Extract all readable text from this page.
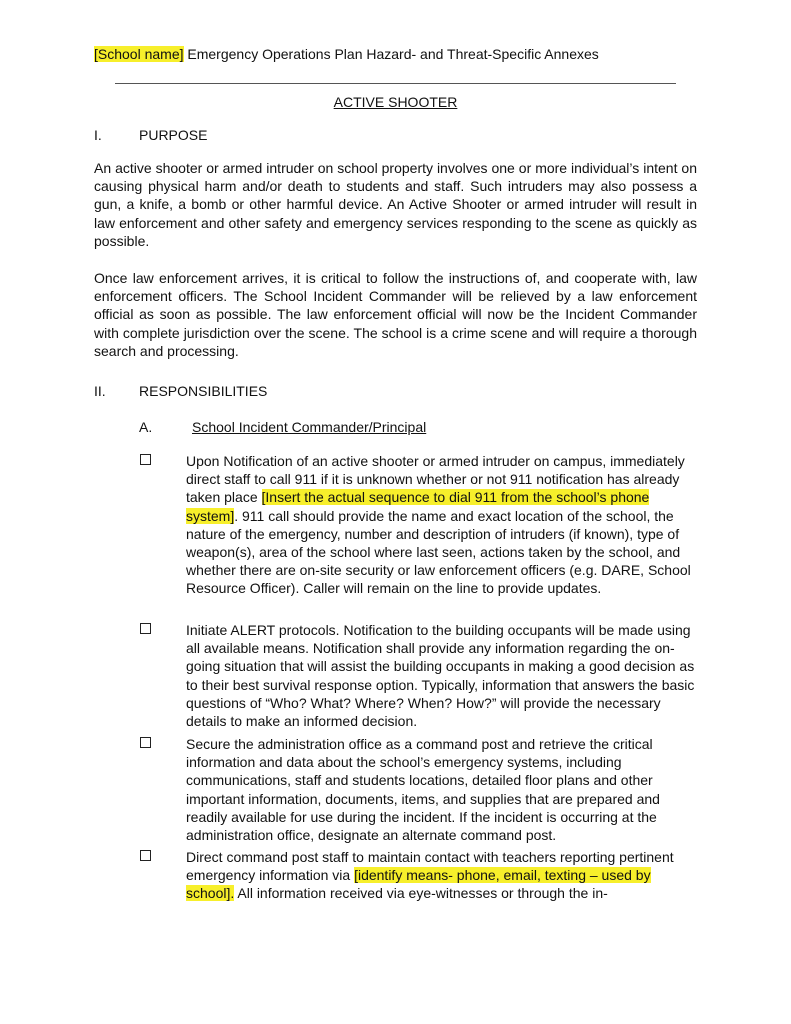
[School name] Emergency Operations Plan Hazard- and Threat-Specific Annexes
ACTIVE SHOOTER
I.	PURPOSE

An active shooter or armed intruder on school property involves one or more individual’s intent on causing physical harm and/or death to students and staff. Such intruders may also possess a gun, a knife, a bomb or other harmful device. An Active Shooter or armed intruder will result in law enforcement and other safety and emergency services responding to the scene as quickly as possible.

Once law enforcement arrives, it is critical to follow the instructions of, and cooperate with, law enforcement officers. The School Incident Commander will be relieved by a law enforcement official as soon as possible. The law enforcement official will now be the Incident Commander with complete jurisdiction over the scene. The school is a crime scene and will require a thorough search and processing.

II. RESPONSIBILITIES
A.	School Incident Commander/Principal

Upon Notification of an active shooter or armed intruder on campus, immediately direct staff to call 911 if it is unknown whether or not 911 notification has already taken place [Insert the actual sequence to dial 911 from the school’s phone system]. 911 call should provide the name and exact location of the school, the nature of the emergency, number and description of intruders (if known), type of weapon(s), area of the school where last seen, actions taken by the school, and whether there are on-site security or law enforcement officers (e.g. DARE, School Resource Officer). Caller will remain on the line to provide updates.

Initiate ALERT protocols. Notification to the building occupants will be made using all available means. Notification shall provide any information regarding the on-going situation that will assist the building occupants in making a good decision as to their best survival response option. Typically, information that answers the basic questions of “Who? What? Where? When? How?” will provide the necessary details to make an informed decision.

Secure the administration office as a command post and retrieve the critical information and data about the school’s emergency systems, including communications, staff and students locations, detailed floor plans and other important information, documents, items, and supplies that are prepared and readily available for use during the incident. If the incident is occurring at the administration office, designate an alternate command post.

Direct command post staff to maintain contact with teachers reporting pertinent emergency information via [identify means- phone, email, texting – used by school]. All information received via eye-witnesses or through the in-
